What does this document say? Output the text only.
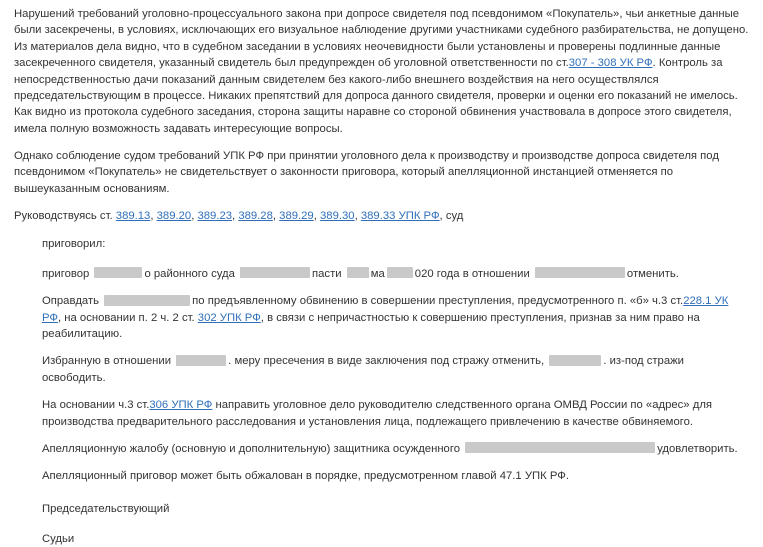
Нарушений требований уголовно-процессуального закона при допросе свидетеля под псевдонимом «Покупатель», чьи анкетные данные были засекречены, в условиях, исключающих его визуальное наблюдение другими участниками судебного разбирательства, не допущено. Из материалов дела видно, что в судебном заседании в условиях неочевидности были установлены и проверены подлинные данные засекреченного свидетеля, указанный свидетель был предупрежден об уголовной ответственности по ст.307 - 308 УК РФ. Контроль за непосредственностью дачи показаний данным свидетелем без какого-либо внешнего воздействия на него осуществлялся председательствующим в процессе. Никаких препятствий для допроса данного свидетеля, проверки и оценки его показаний не имелось. Как видно из протокола судебного заседания, сторона защиты наравне со стороной обвинения участвовала в допросе этого свидетеля, имела полную возможность задавать интересующие вопросы.

Однако соблюдение судом требований УПК РФ при принятии уголовного дела к производству и производстве допроса свидетеля под псевдонимом «Покупатель» не свидетельствует о законности приговора, который апелляционной инстанцией отменяется по вышеуказанным основаниям.

Руководствуясь ст. 389.13, 389.20, 389.23, 389.28, 389.29, 389.30, 389.33 УПК РФ, суд

приговорил:

приговор	о районного суда	пасти	ма	020 года в отношении	отменить.

Оправдать	по предъявленному обвинению в совершении преступления, предусмотренного п. «б» ч.3 ст.228.1 УК РФ, на основании п. 2 ч. 2 ст. 302 УПК РФ, в связи с непричастностью к совершению преступления, признав за ним право на реабилитацию.

Избранную в отношении	. меру пресечения в виде заключения под стражу отменить,	. из-под стражи освободить.

На основании ч.3 ст.306 УПК РФ направить уголовное дело руководителю следственного органа ОМВД России по «адрес» для производства предварительного расследования и установления лица, подлежащего привлечению в качестве обвиняемого.

Апелляционную жалобу (основную и дополнительную) защитника осужденного	удовлетворить.

Апелляционный приговор может быть обжалован в порядке, предусмотренном главой 47.1 УПК РФ.

Председательствующий

Судьи
